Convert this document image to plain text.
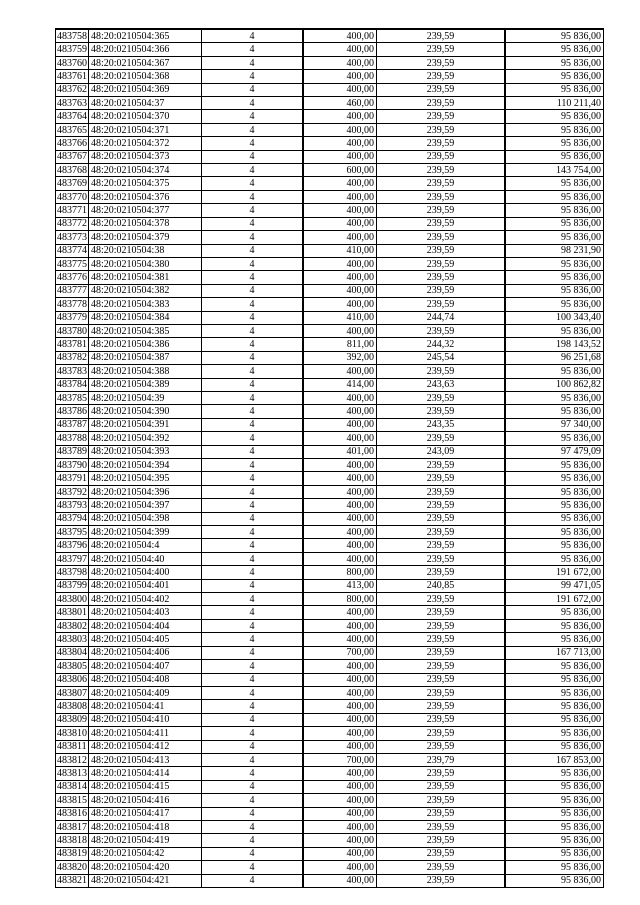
483758	48:20:0210504:365	4	400,00	239,59	95 836,00
483759	48:20:0210504:366	4	400,00	239,59	95 836,00
483760	48:20:0210504:367	4	400,00	239,59	95 836,00
483761	48:20:0210504:368	4	400,00	239,59	95 836,00
483762	48:20:0210504:369	4	400,00	239,59	95 836,00
483763	48:20:0210504:37	4	460,00	239,59	110 211,40
483764	48:20:0210504:370	4	400,00	239,59	95 836,00
483765	48:20:0210504:371	4	400,00	239,59	95 836,00
483766	48:20:0210504:372	4	400,00	239,59	95 836,00
483767	48:20:0210504:373	4	400,00	239,59	95 836,00
483768	48:20:0210504:374	4	600,00	239,59	143 754,00
483769	48:20:0210504:375	4	400,00	239,59	95 836,00
483770	48:20:0210504:376	4	400,00	239,59	95 836,00
483771	48:20:0210504:377	4	400,00	239,59	95 836,00
483772	48:20:0210504:378	4	400,00	239,59	95 836,00
483773	48:20:0210504:379	4	400,00	239,59	95 836,00
483774	48:20:0210504:38	4	410,00	239,59	98 231,90
483775	48:20:0210504:380	4	400,00	239,59	95 836,00
483776	48:20:0210504:381	4	400,00	239,59	95 836,00
483777	48:20:0210504:382	4	400,00	239,59	95 836,00
483778	48:20:0210504:383	4	400,00	239,59	95 836,00
483779	48:20:0210504:384	4	410,00	244,74	100 343,40
483780	48:20:0210504:385	4	400,00	239,59	95 836,00
483781	48:20:0210504:386	4	811,00	244,32	198 143,52
483782	48:20:0210504:387	4	392,00	245,54	96 251,68
483783	48:20:0210504:388	4	400,00	239,59	95 836,00
483784	48:20:0210504:389	4	414,00	243,63	100 862,82
483785	48:20:0210504:39	4	400,00	239,59	95 836,00
483786	48:20:0210504:390	4	400,00	239,59	95 836,00
483787	48:20:0210504:391	4	400,00	243,35	97 340,00
483788	48:20:0210504:392	4	400,00	239,59	95 836,00
483789	48:20:0210504:393	4	401,00	243,09	97 479,09
483790	48:20:0210504:394	4	400,00	239,59	95 836,00
483791	48:20:0210504:395	4	400,00	239,59	95 836,00
483792	48:20:0210504:396	4	400,00	239,59	95 836,00
483793	48:20:0210504:397	4	400,00	239,59	95 836,00
483794	48:20:0210504:398	4	400,00	239,59	95 836,00
483795	48:20:0210504:399	4	400,00	239,59	95 836,00
483796	48:20:0210504:4	4	400,00	239,59	95 836,00
483797	48:20:0210504:40	4	400,00	239,59	95 836,00
483798	48:20:0210504:400	4	800,00	239,59	191 672,00
483799	48:20:0210504:401	4	413,00	240,85	99 471,05
483800	48:20:0210504:402	4	800,00	239,59	191 672,00
483801	48:20:0210504:403	4	400,00	239,59	95 836,00
483802	48:20:0210504:404	4	400,00	239,59	95 836,00
483803	48:20:0210504:405	4	400,00	239,59	95 836,00
483804	48:20:0210504:406	4	700,00	239,59	167 713,00
483805	48:20:0210504:407	4	400,00	239,59	95 836,00
483806	48:20:0210504:408	4	400,00	239,59	95 836,00
483807	48:20:0210504:409	4	400,00	239,59	95 836,00
483808	48:20:0210504:41	4	400,00	239,59	95 836,00
483809	48:20:0210504:410	4	400,00	239,59	95 836,00
483810	48:20:0210504:411	4	400,00	239,59	95 836,00
483811	48:20:0210504:412	4	400,00	239,59	95 836,00
483812	48:20:0210504:413	4	700,00	239,79	167 853,00
483813	48:20:0210504:414	4	400,00	239,59	95 836,00
483814	48:20:0210504:415	4	400,00	239,59	95 836,00
483815	48:20:0210504:416	4	400,00	239,59	95 836,00
483816	48:20:0210504:417	4	400,00	239,59	95 836,00
483817	48:20:0210504:418	4	400,00	239,59	95 836,00
483818	48:20:0210504:419	4	400,00	239,59	95 836,00
483819	48:20:0210504:42	4	400,00	239,59	95 836,00
483820	48:20:0210504:420	4	400,00	239,59	95 836,00
483821	48:20:0210504:421	4	400,00	239,59	95 836,00
